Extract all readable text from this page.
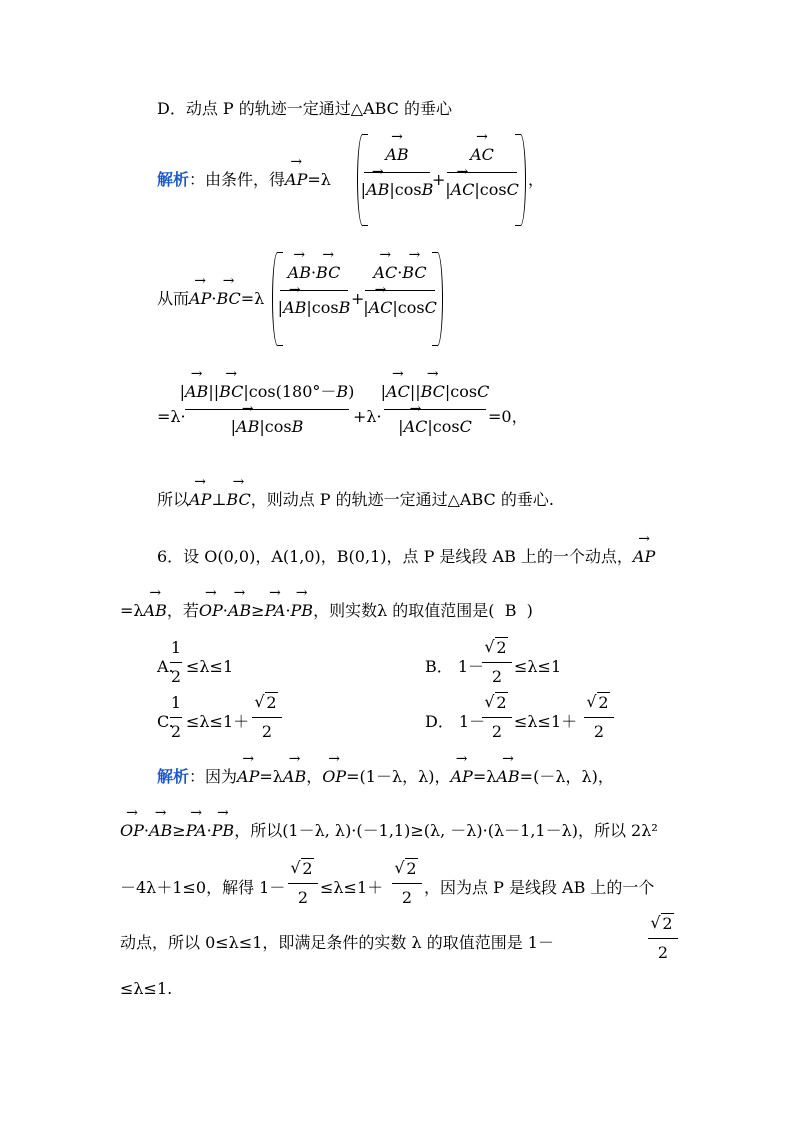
D．动点 P 的轨迹一定通过△ABC 的垂心
解析：由条件，得→ AP=λ
→ AB
|→ AB|cosB
+
→ AC
|→ AC|cosC
，
从而→ AP·→ BC=λ
→ AB·→ BC
|→ AB|cosB +
→ AC·→ BC
|→ AC|cosC
=λ·
|→ AB||→ BC|cos(180°－B)
|→ AB|cosB
+λ·
|→ AC||→ BC|cosC
|→ AC|cosC
=0，
所以→ AP⊥→ BC，则动点 P 的轨迹一定通过△ABC 的垂心.
6．设 O(0,0)，A(1,0)，B(0,1)，点 P 是线段 AB 上的一个动点，→ AP
=λ→ AB，若→ OP·→ AB≥→ PA·→ PB，则实数λ 的取值范围是( B )
A.
1
2
≤λ≤1	B． 1－
√ 2
2
≤λ≤1
C.
1
2
≤λ≤1＋
√ 2
2
D． 1－
√ 2
2
≤λ≤1＋
√ 2
2
解析：因为→ AP=λ→ AB，→ OP=(1－λ，λ)，→ AP=λ→ AB=(－λ，λ)，
→ OP·→ AB≥→ PA·→ PB，所以(1－λ, λ)·(－1,1)≥(λ, －λ)·(λ－1,1－λ)，所以 2λ²
－4λ＋1≤0，解得 1－
√ 2
2
≤λ≤1＋
√ 2
2
，因为点 P 是线段 AB 上的一个
动点，所以 0≤λ≤1，即满足条件的实数 λ 的取值范围是 1－
√ 2
2
≤λ≤1.
